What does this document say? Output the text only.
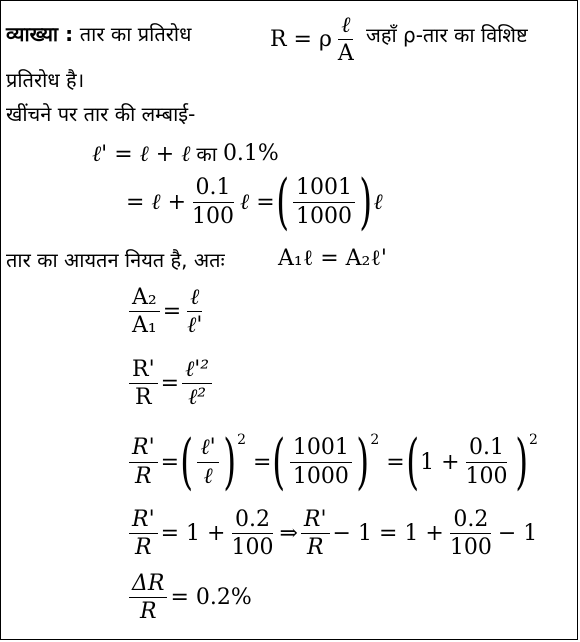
व्याख्या : तार का प्रतिरोध	R = ρ $\frac{\text{ℓ}}{A}$ जहाँ ρ-तार का विशिष्ट
प्रतिरोध है।
खींचने पर तार की लम्बाई-
ℓ' = ℓ + ℓ का 0.1%
= ℓ + $\frac{0.1}{100}$ ℓ = ( $\frac{1001}{1000}$ ) ℓ
तार का आयतन नियत है, अतः A₁ℓ = A₂ℓ'
$\frac{\text{A₂}}{\text{A₁}} = \frac{\text{ℓ}}{\text{ℓ'}}$
$\frac{R'}{R} = \frac{\text{ℓ'²}}{\text{ℓ²}}$
$\frac{R'}{R}$ = ( $\frac{\text{ℓ'}}{\text{ℓ}} )^2$
= ( $\frac{1001}{1000} )^2$
= ( $1 + \frac{0.1}{100} )^2$
$\frac{R'}{R} = 1 + \frac{0.2}{100}$ ⇒ $\frac{R'}{R} - 1 = 1 + \frac{0.2}{100} - 1$
$\frac{\Delta R}{R} = 0.2\%$
